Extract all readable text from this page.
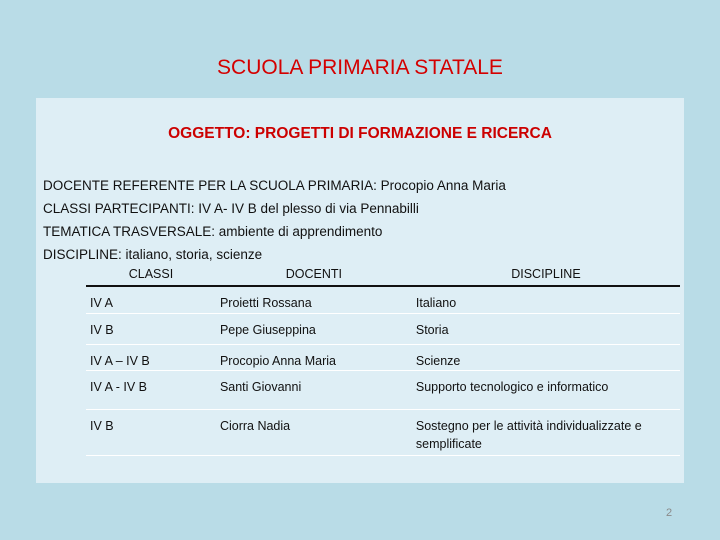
SCUOLA PRIMARIA STATALE
OGGETTO: PROGETTI DI FORMAZIONE E RICERCA
DOCENTE REFERENTE PER LA SCUOLA PRIMARIA: Procopio Anna Maria
CLASSI PARTECIPANTI: IV A- IV B del plesso di via Pennabilli
TEMATICA TRASVERSALE: ambiente di apprendimento
DISCIPLINE: italiano, storia, scienze
CLASSI	DOCENTI	DISCIPLINE
IV A	Proietti Rossana	Italiano
IV B	Pepe Giuseppina	Storia
IV A – IV B	Procopio Anna Maria	Scienze
IV A - IV B	Santi Giovanni	Supporto tecnologico e informatico
IV B	Ciorra Nadia	Sostegno per le attività individualizzate e semplificate
2
